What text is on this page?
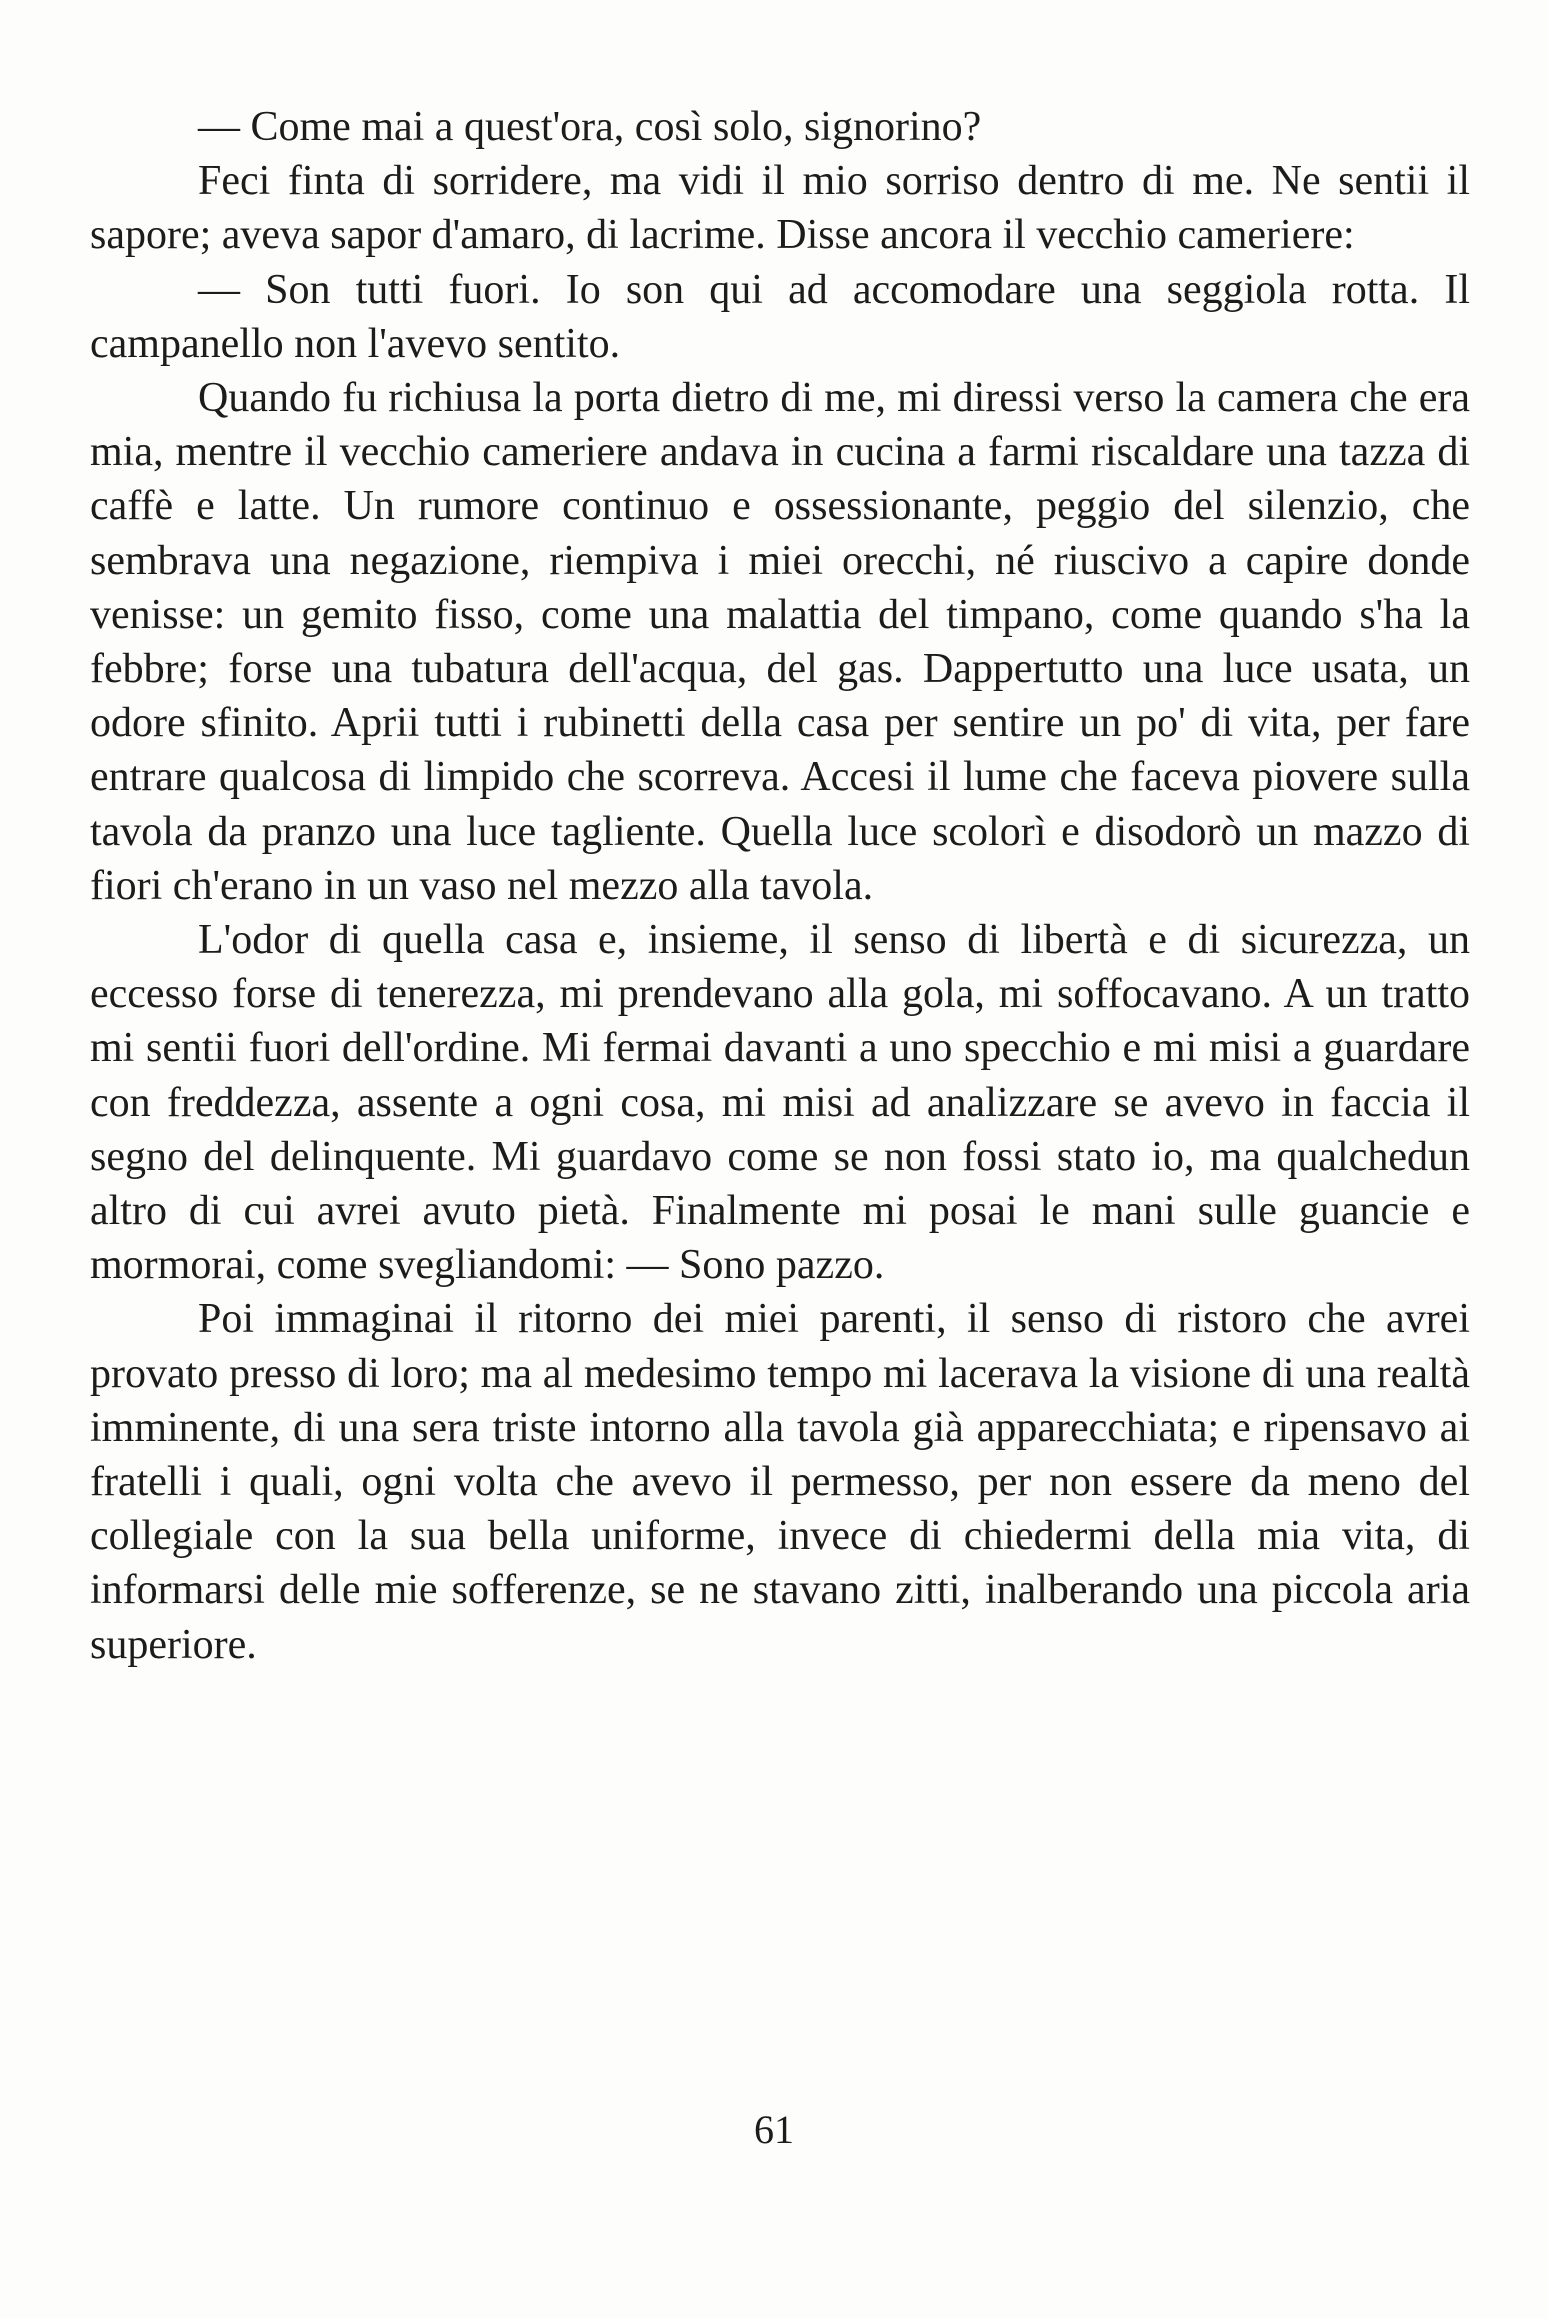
— Come mai a quest'ora, così solo, signorino?

Feci finta di sorridere, ma vidi il mio sorriso dentro di me. Ne sentii il sapore; aveva sapor d'amaro, di lacrime. Disse ancora il vecchio cameriere:

— Son tutti fuori. Io son qui ad accomodare una seggiola rotta. Il campanello non l'avevo sentito.

Quando fu richiusa la porta dietro di me, mi diressi verso la camera che era mia, mentre il vecchio cameriere andava in cucina a farmi riscaldare una tazza di caffè e latte. Un rumore continuo e ossessionante, peggio del silenzio, che sembrava una negazione, riempiva i miei orecchi, né riuscivo a capire donde venisse: un gemito fisso, come una malattia del timpano, come quando s'ha la febbre; forse una tubatura dell'acqua, del gas. Dappertutto una luce usata, un odore sfinito. Aprii tutti i rubinetti della casa per sentire un po' di vita, per fare entrare qualcosa di limpido che scorreva. Accesi il lume che faceva piovere sulla tavola da pranzo una luce tagliente. Quella luce scolorì e disodorò un mazzo di fiori ch'erano in un vaso nel mezzo alla tavola.

L'odor di quella casa e, insieme, il senso di libertà e di sicurezza, un eccesso forse di tenerezza, mi prendevano alla gola, mi soffocavano. A un tratto mi sentii fuori dell'ordine. Mi fermai davanti a uno specchio e mi misi a guardare con freddezza, assente a ogni cosa, mi misi ad analizzare se avevo in faccia il segno del delinquente. Mi guardavo come se non fossi stato io, ma qualchedun altro di cui avrei avuto pietà. Finalmente mi posai le mani sulle guancie e mormorai, come svegliandomi: — Sono pazzo.

Poi immaginai il ritorno dei miei parenti, il senso di ristoro che avrei provato presso di loro; ma al medesimo tempo mi lacerava la visione di una realtà imminente, di una sera triste intorno alla tavola già apparecchiata; e ripensavo ai fratelli i quali, ogni volta che avevo il permesso, per non essere da meno del collegiale con la sua bella uniforme, invece di chiedermi della mia vita, di informarsi delle mie sofferenze, se ne stavano zitti, inalberando una piccola aria superiore.

61
